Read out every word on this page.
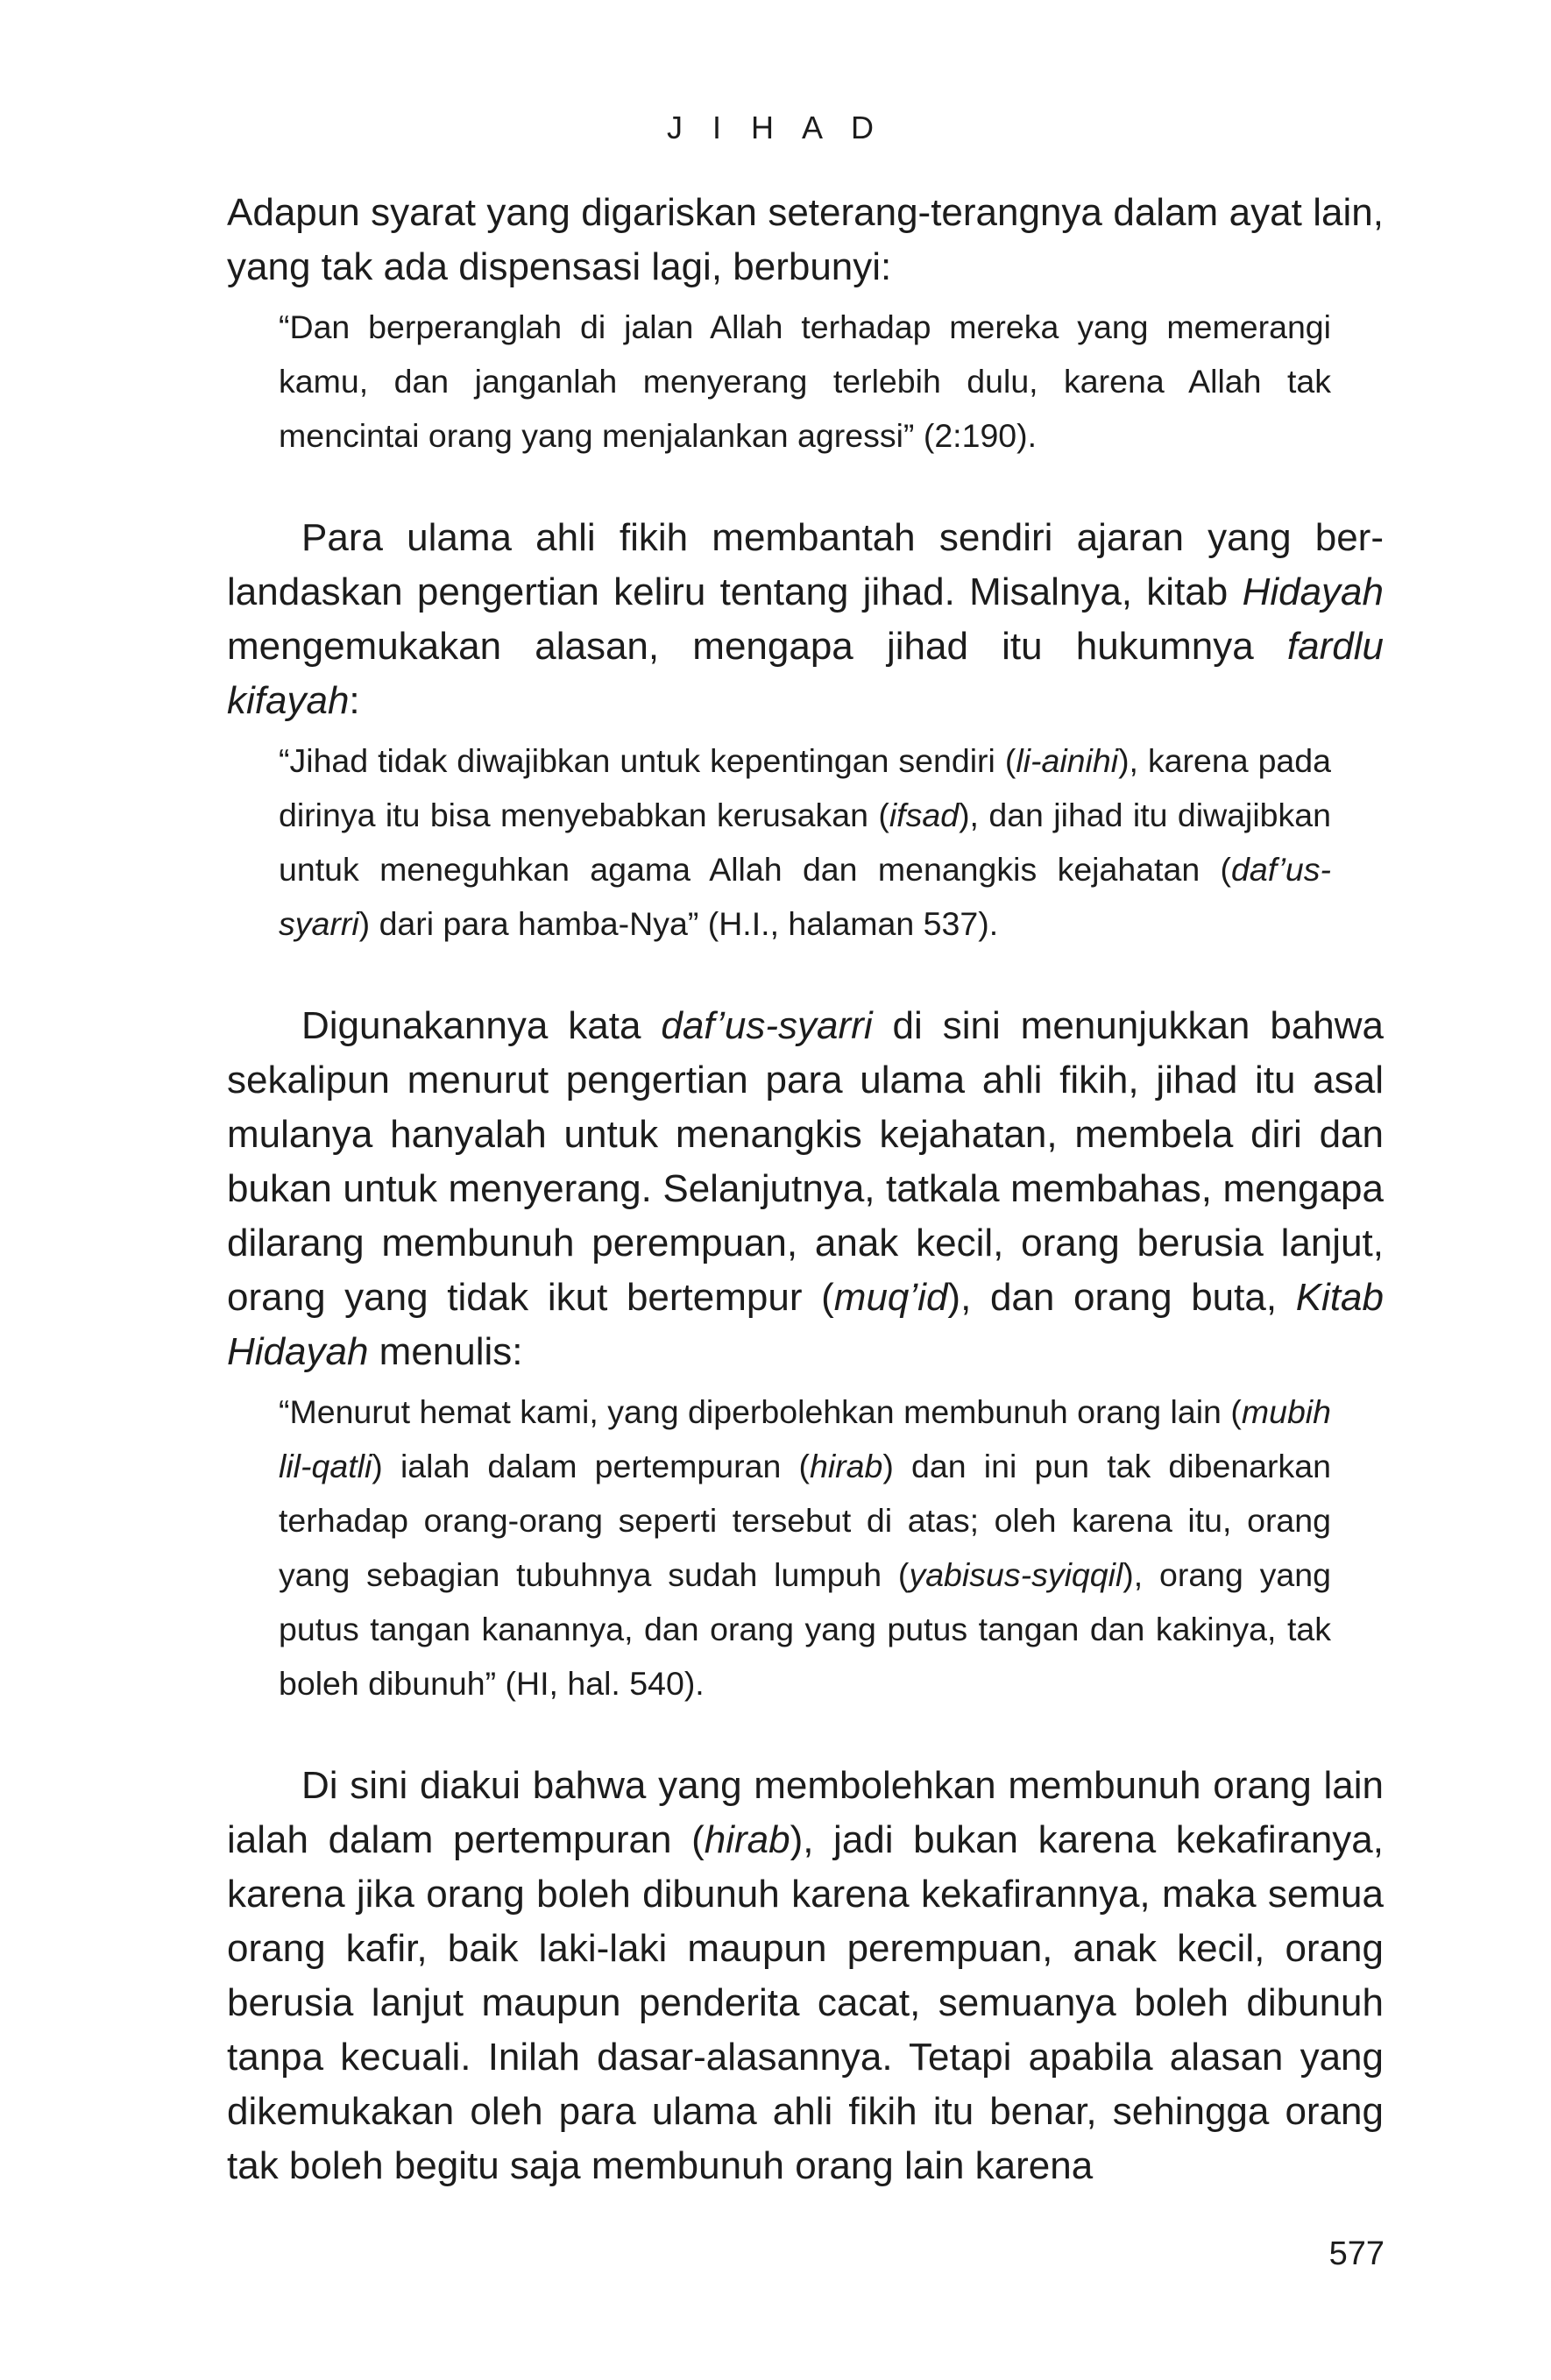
J I H A D

Adapun syarat yang digariskan seterang-terangnya dalam ayat lain, yang tak ada dispensasi lagi, berbunyi:

“Dan berperanglah di jalan Allah terhadap mereka yang memerangi kamu, dan janganlah menyerang terlebih dulu, karena Allah tak mencintai orang yang menjalankan agressi” (2:190).

Para ulama ahli fikih membantah sendiri ajaran yang berlandaskan pengertian keliru tentang jihad. Misalnya, kitab Hidayah mengemukakan alasan, mengapa jihad itu hukumnya fardlu kifayah:

“Jihad tidak diwajibkan untuk kepentingan sendiri (li-ainihi), karena pada dirinya itu bisa menyebabkan kerusakan (ifsad), dan jihad itu diwajibkan untuk meneguhkan agama Allah dan menangkis kejahatan (daf’us-syarri) dari para hamba-Nya” (H.I., halaman 537).

Digunakannya kata daf’us-syarri di sini menunjukkan bahwa sekalipun menurut pengertian para ulama ahli fikih, jihad itu asal mulanya hanyalah untuk menangkis kejahatan, membela diri dan bukan untuk menyerang. Selanjutnya, tatkala membahas, mengapa dilarang membunuh perempuan, anak kecil, orang berusia lanjut, orang yang tidak ikut bertempur (muq’id), dan orang buta, Kitab Hidayah menulis:

“Menurut hemat kami, yang diperbolehkan membunuh orang lain (mubih lil-qatli) ialah dalam pertempuran (hirab) dan ini pun tak dibenarkan terhadap orang-orang seperti tersebut di atas; oleh karena itu, orang yang sebagian tubuhnya sudah lumpuh (yabisus-syiqqil), orang yang putus tangan kanannya, dan orang yang putus tangan dan kakinya, tak boleh dibunuh” (HI, hal. 540).

Di sini diakui bahwa yang membolehkan membunuh orang lain ialah dalam pertempuran (hirab), jadi bukan karena kekafiranya, karena jika orang boleh dibunuh karena kekafirannya, maka semua orang kafir, baik laki-laki maupun perempuan, anak kecil, orang berusia lanjut maupun penderita cacat, semuanya boleh dibunuh tanpa kecuali. Inilah dasar-alasannya. Tetapi apabila alasan yang dikemukakan oleh para ulama ahli fikih itu benar, sehingga orang tak boleh begitu saja membunuh orang lain karena

577
